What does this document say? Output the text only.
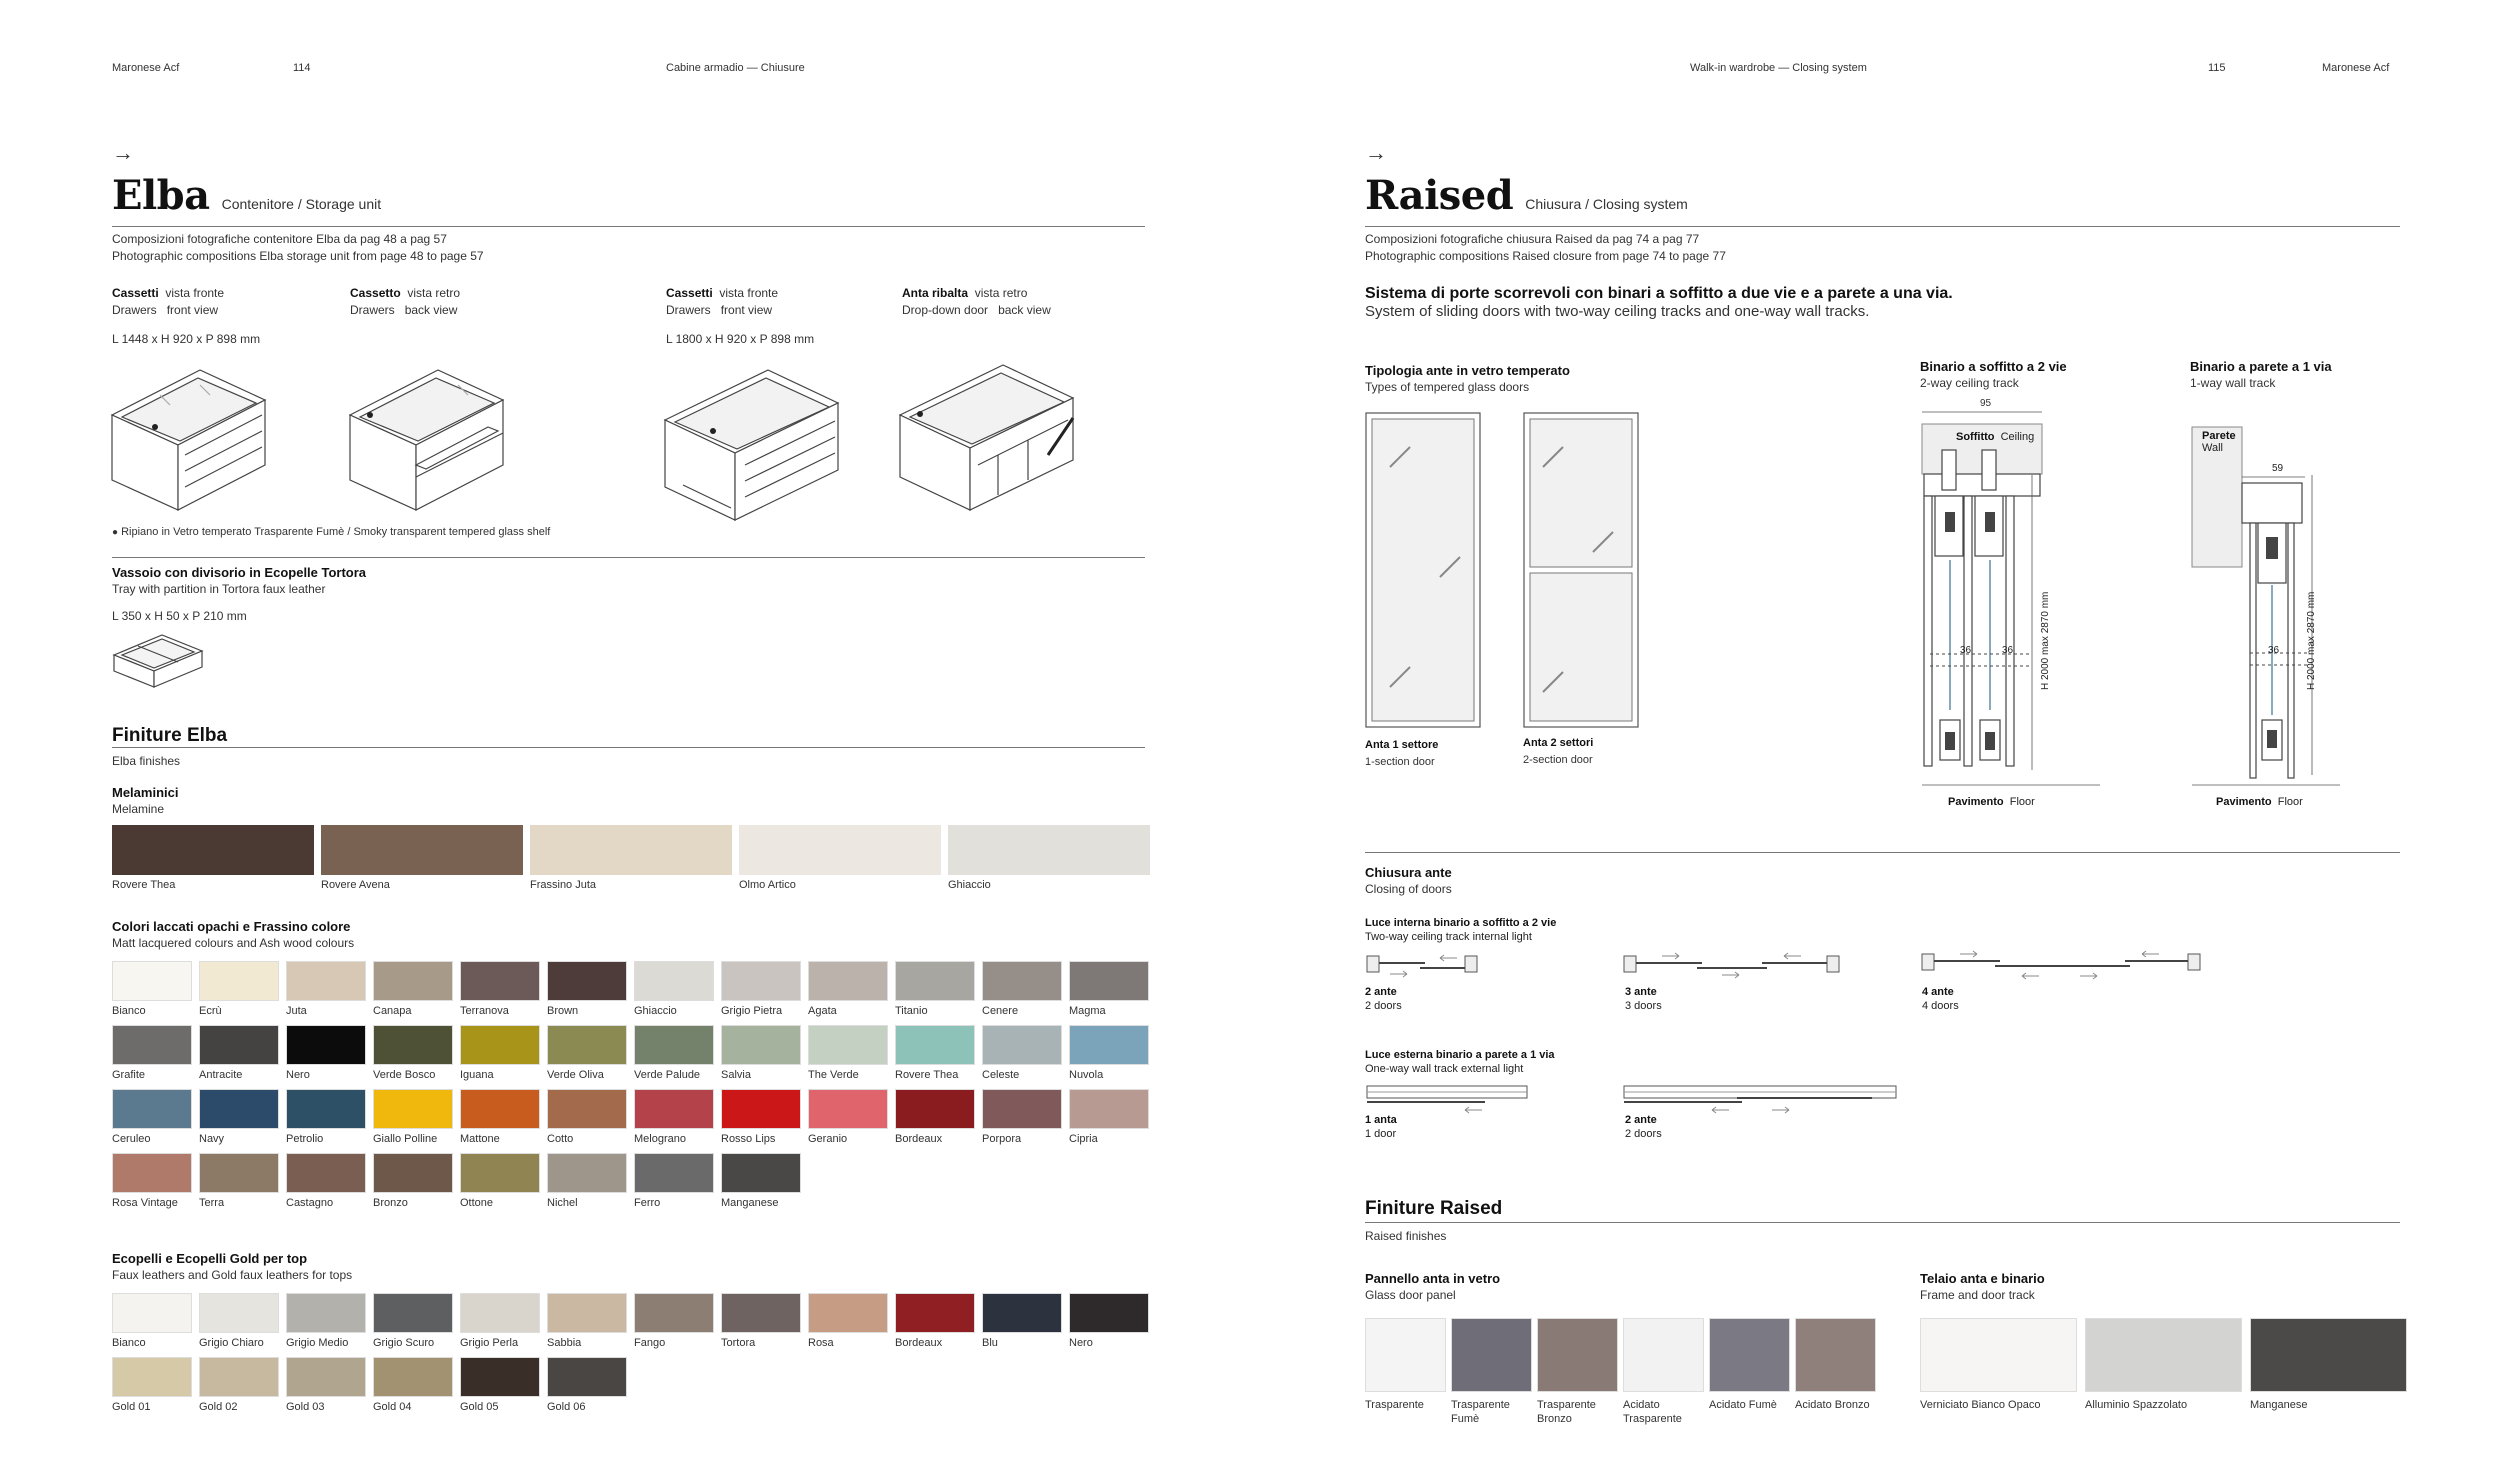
Maronese Acf	114	Cabine armadio — Chiusure	Walk-in wardrobe — Closing system	115	Maronese Acf
→
Elba Contenitore / Storage unit
Composizioni fotografiche contenitore Elba da pag 48 a pag 57
Photographic compositions Elba storage unit from page 48 to page 57
Cassetti vista fronte
Drawers front view
L 1448 x H 920 x P 898 mm
Cassetto vista retro
Drawers back view
Cassetti vista fronte
Drawers front view
L 1800 x H 920 x P 898 mm
Anta ribalta vista retro
Drop-down door back view
● Ripiano in Vetro temperato Trasparente Fumè / Smoky transparent tempered glass shelf
Vassoio con divisorio in Ecopelle Tortora
Tray with partition in Tortora faux leather
L 350 x H 50 x P 210 mm
Finiture Elba
Elba finishes
Melaminici
Melamine
Rovere Thea	Rovere Avena	Frassino Juta	Olmo Artico	Ghiaccio
Colori laccati opachi e Frassino colore
Matt lacquered colours and Ash wood colours
Bianco	Ecrù	Juta	Canapa	Terranova	Brown	Ghiaccio	Grigio Pietra	Agata	Titanio	Cenere	Magma
Grafite	Antracite	Nero	Verde Bosco	Iguana	Verde Oliva	Verde Palude	Salvia	The Verde	Rovere Thea	Celeste	Nuvola
Ceruleo	Navy	Petrolio	Giallo Polline	Mattone	Cotto	Melograno	Rosso Lips	Geranio	Bordeaux	Porpora	Cipria
Rosa Vintage	Terra	Castagno	Bronzo	Ottone	Nichel	Ferro	Manganese
Ecopelli e Ecopelli Gold per top
Faux leathers and Gold faux leathers for tops
Bianco	Grigio Chiaro	Grigio Medio	Grigio Scuro	Grigio Perla	Sabbia	Fango	Tortora	Rosa	Bordeaux	Blu	Nero
Gold 01	Gold 02	Gold 03	Gold 04	Gold 05	Gold 06
→
Raised Chiusura / Closing system
Composizioni fotografiche chiusura Raised da pag 74 a pag 77
Photographic compositions Raised closure from page 74 to page 77
Sistema di porte scorrevoli con binari a soffitto a due vie e a parete a una via.
System of sliding doors with two-way ceiling tracks and one-way wall tracks.
Tipologia ante in vetro temperato
Types of tempered glass doors
Anta 1 settore
1-section door
Anta 2 settori
2-section door
Binario a soffitto a 2 vie
2-way ceiling track
95
Soffitto Ceiling
36	36	H 2000 max 2870 mm
Pavimento Floor
Binario a parete a 1 via
1-way wall track
Parete
Wall
59
36	H 2000 max 2870 mm
Pavimento Floor
Chiusura ante
Closing of doors
Luce interna binario a soffitto a 2 vie
Two-way ceiling track internal light
2 ante
2 doors
3 ante
3 doors
4 ante
4 doors
Luce esterna binario a parete a 1 via
One-way wall track external light
1 anta
1 door
2 ante
2 doors
Finiture Raised
Raised finishes
Pannello anta in vetro
Glass door panel
Trasparente	Trasparente Fumè
Trasparente Bronzo
Acidato Trasparente
Acidato Fumè	Acidato Bronzo
Telaio anta e binario
Frame and door track
Verniciato Bianco Opaco	Alluminio Spazzolato	Manganese
